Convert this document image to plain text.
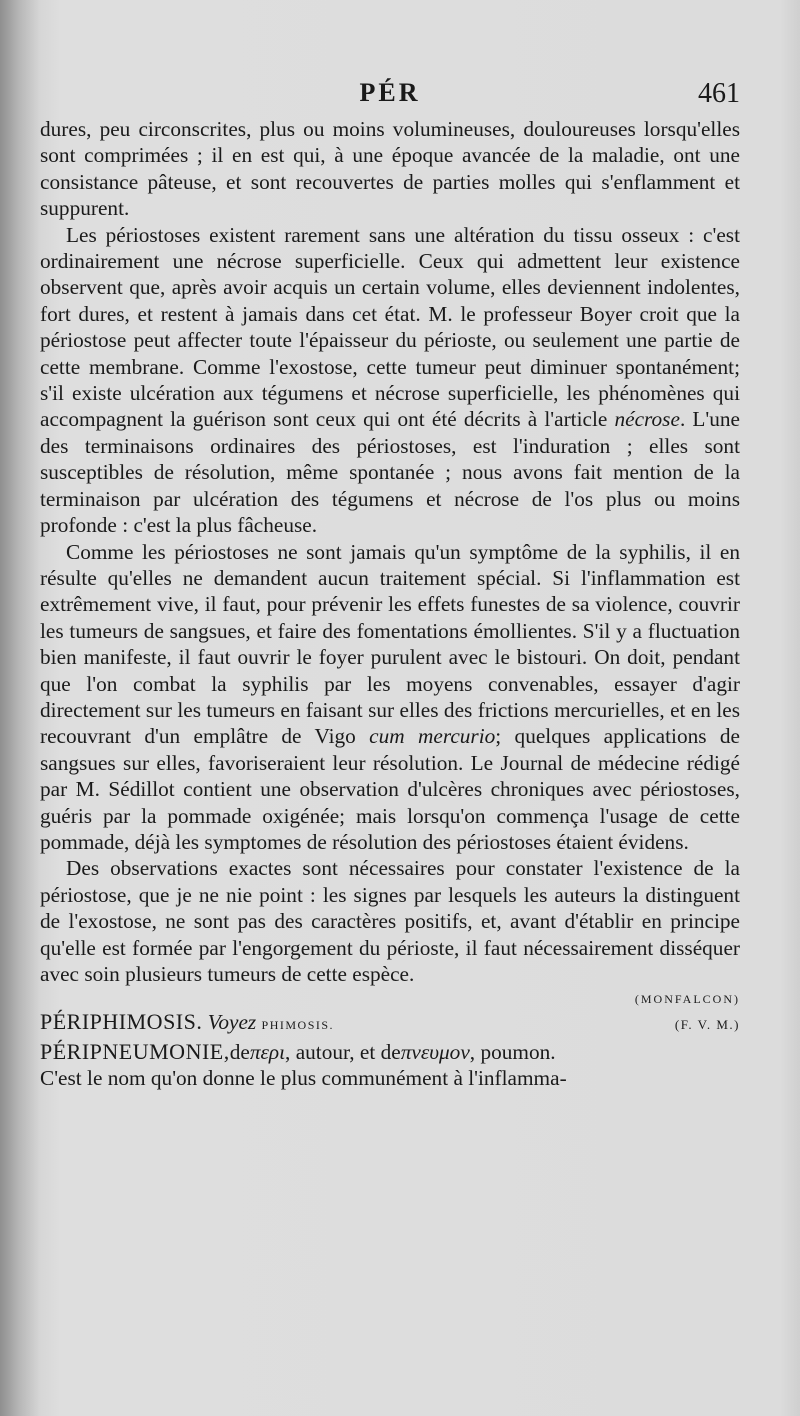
PÉR	461

dures, peu circonscrites, plus ou moins volumineuses, douloureuses lorsqu'elles sont comprimées ; il en est qui, à une époque avancée de la maladie, ont une consistance pâteuse, et sont recouvertes de parties molles qui s'enflamment et suppurent.

Les périostoses existent rarement sans une altération du tissu osseux : c'est ordinairement une nécrose superficielle. Ceux qui admettent leur existence observent que, après avoir acquis un certain volume, elles deviennent indolentes, fort dures, et restent à jamais dans cet état. M. le professeur Boyer croit que la périostose peut affecter toute l'épaisseur du périoste, ou seulement une partie de cette membrane. Comme l'exostose, cette tumeur peut diminuer spontanément; s'il existe ulcération aux tégumens et nécrose superficielle, les phénomènes qui accompagnent la guérison sont ceux qui ont été décrits à l'article nécrose. L'une des terminaisons ordinaires des périostoses, est l'induration ; elles sont susceptibles de résolution, même spontanée ; nous avons fait mention de la terminaison par ulcération des tégumens et nécrose de l'os plus ou moins profonde : c'est la plus fâcheuse.

Comme les périostoses ne sont jamais qu'un symptôme de la syphilis, il en résulte qu'elles ne demandent aucun traitement spécial. Si l'inflammation est extrêmement vive, il faut, pour prévenir les effets funestes de sa violence, couvrir les tumeurs de sangsues, et faire des fomentations émollientes. S'il y a fluctuation bien manifeste, il faut ouvrir le foyer purulent avec le bistouri. On doit, pendant que l'on combat la syphilis par les moyens convenables, essayer d'agir directement sur les tumeurs en faisant sur elles des frictions mercurielles, et en les recouvrant d'un emplâtre de Vigo cum mercurio; quelques applications de sangsues sur elles, favoriseraient leur résolution. Le Journal de médecine rédigé par M. Sédillot contient une observation d'ulcères chroniques avec périostoses, guéris par la pommade oxigénée; mais lorsqu'on commença l'usage de cette pommade, déjà les symptomes de résolution des périostoses étaient évidens.

Des observations exactes sont nécessaires pour constater l'existence de la périostose, que je ne nie point : les signes par lesquels les auteurs la distinguent de l'exostose, ne sont pas des caractères positifs, et, avant d'établir en principe qu'elle est formée par l'engorgement du périoste, il faut nécessairement disséquer avec soin plusieurs tumeurs de cette espèce.

(MONFALCON)
PÉRIPHIMOSIS. Voyez PHIMOSIS.	(F. V. M.)
PÉRIPNEUMONIE,deπερι, autour, et deπνευμον, poumon.

C'est le nom qu'on donne le plus communément à l'inflamma-
